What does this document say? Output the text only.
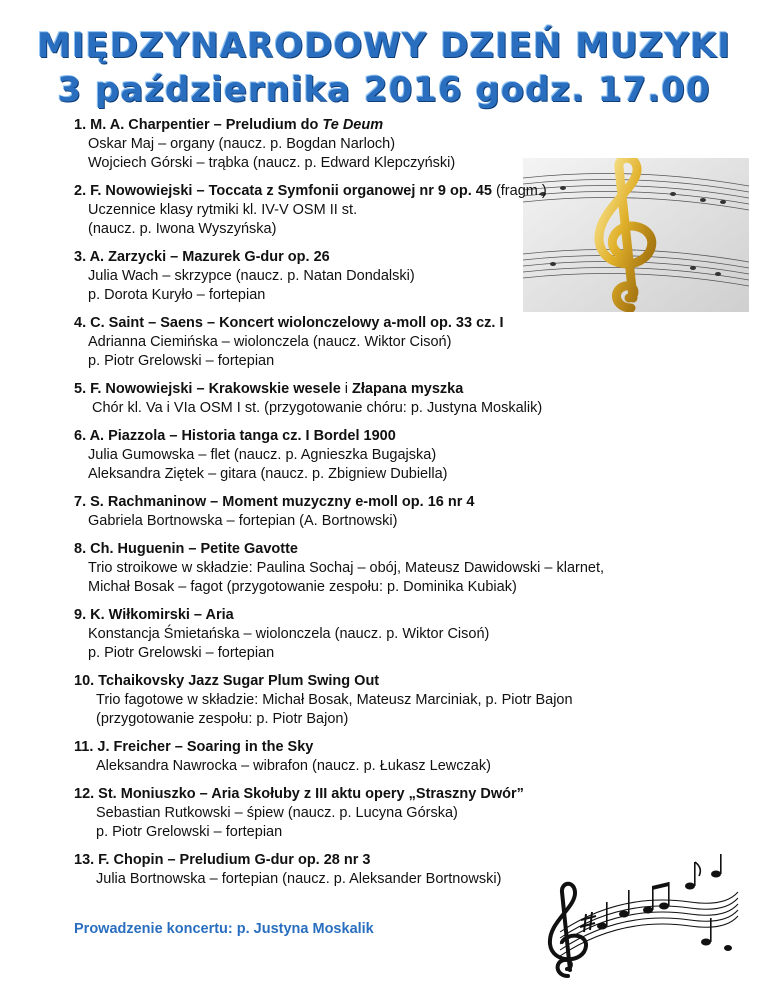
MIĘDZYNARODOWY DZIEŃ MUZYKI
3 października 2016 godz. 17.00
1. M. A. Charpentier – Preludium do Te Deum
Oskar Maj – organy (naucz. p. Bogdan Narloch)
Wojciech Górski – trąbka (naucz. p. Edward Klepczyński)
2. F. Nowowiejski – Toccata z Symfonii organowej nr 9 op. 45 (fragm.)
Uczennice klasy rytmiki kl. IV-V OSM II st.
(naucz. p. Iwona Wyszyńska)
3. A. Zarzycki – Mazurek G-dur op. 26
Julia Wach – skrzypce (naucz. p. Natan Dondalski)
p. Dorota Kuryło – fortepian
4. C. Saint – Saens – Koncert wiolonczelowy a-moll op. 33 cz. I
Adrianna Ciemińska – wiolonczela (naucz. Wiktor Cisoń)
p. Piotr Grelowski – fortepian
5. F. Nowowiejski – Krakowskie wesele i Złapana myszka
Chór kl. Va i VIa OSM I st. (przygotowanie chóru: p. Justyna Moskalik)
6. A. Piazzola – Historia tanga cz. I Bordel 1900
Julia Gumowska – flet (naucz. p. Agnieszka Bugajska)
Aleksandra Ziętek – gitara (naucz. p. Zbigniew Dubiella)
7. S. Rachmaninow – Moment muzyczny e-moll op. 16 nr 4
Gabriela Bortnowska – fortepian (A. Bortnowski)
8. Ch. Huguenin – Petite Gavotte
Trio stroikowe w składzie: Paulina Sochaj – obój, Mateusz Dawidowski – klarnet,
Michał Bosak – fagot (przygotowanie zespołu: p. Dominika Kubiak)
9. K. Wiłkomirski – Aria
Konstancja Śmietańska – wiolonczela (naucz. p. Wiktor Cisoń)
p. Piotr Grelowski – fortepian
10. Tchaikovsky Jazz Sugar Plum Swing Out
Trio fagotowe w składzie: Michał Bosak, Mateusz Marciniak, p. Piotr Bajon
(przygotowanie zespołu: p. Piotr Bajon)
11. J. Freicher – Soaring in the Sky
Aleksandra Nawrocka – wibrafon (naucz. p. Łukasz Lewczak)
12. St. Moniuszko – Aria Skołuby z III aktu opery „Straszny Dwór”
Sebastian Rutkowski – śpiew (naucz. p. Lucyna Górska)
p. Piotr Grelowski – fortepian
13. F. Chopin – Preludium G-dur op. 28 nr 3
Julia Bortnowska – fortepian (naucz. p. Aleksander Bortnowski)
Prowadzenie koncertu: p. Justyna Moskalik
